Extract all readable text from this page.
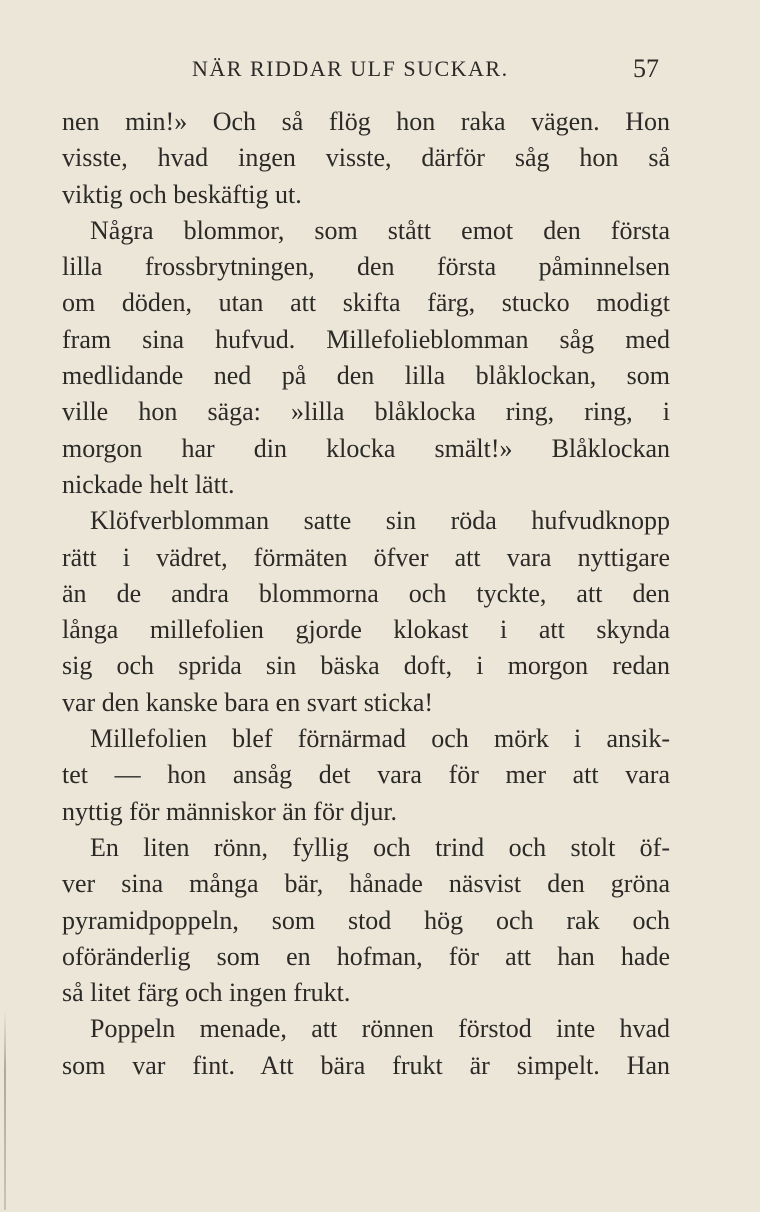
NÄR RIDDAR ULF SUCKAR.	57
nen min!» Och så flög hon raka vägen. Hon
visste, hvad ingen visste, därför såg hon så
viktig och beskäftig ut.
Några blommor, som stått emot den första
lilla frossbrytningen, den första påminnelsen
om döden, utan att skifta färg, stucko modigt
fram sina hufvud. Millefolieblomman såg med
medlidande ned på den lilla blåklockan, som
ville hon säga: »lilla blåklocka ring, ring, i
morgon har din klocka smält!» Blåklockan
nickade helt lätt.
Klöfverblomman satte sin röda hufvudknopp
rätt i vädret, förmäten öfver att vara nyttigare
än de andra blommorna och tyckte, att den
långa millefolien gjorde klokast i att skynda
sig och sprida sin bäska doft, i morgon redan
var den kanske bara en svart sticka!
Millefolien blef förnärmad och mörk i ansik-
tet — hon ansåg det vara för mer att vara
nyttig för människor än för djur.
En liten rönn, fyllig och trind och stolt öf-
ver sina många bär, hånade näsvist den gröna
pyramidpoppeln, som stod hög och rak och
oföränderlig som en hofman, för att han hade
så litet färg och ingen frukt.
Poppeln menade, att rönnen förstod inte hvad
som var fint. Att bära frukt är simpelt. Han
